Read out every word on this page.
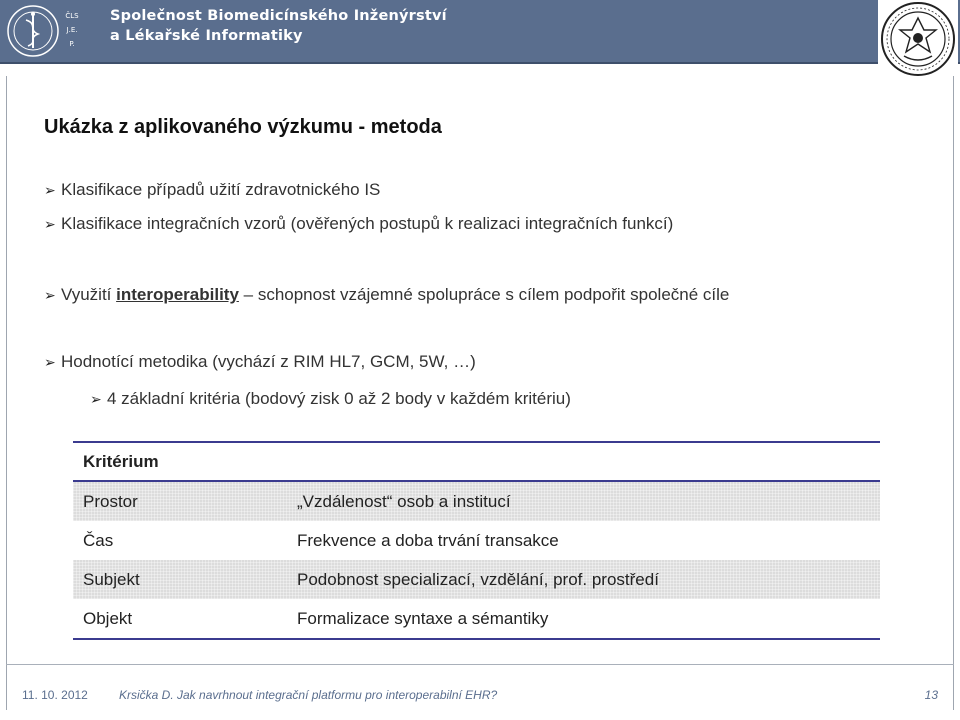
ČLS
J.E.
P.
Společnost Biomedicínského Inženýrství
a Lékařské Informatiky
Ukázka z aplikovaného výzkumu - metoda
➢ Klasifikace případů užití zdravotnického IS
➢ Klasifikace integračních vzorů (ověřených postupů k realizaci integračních funkcí)
➢ Využití interoperability – schopnost vzájemné spolupráce s cílem podpořit společné cíle
➢ Hodnotící metodika (vychází z RIM HL7, GCM, 5W, …)
➢ 4 základní kritéria (bodový zisk 0 až 2 body v každém kritériu)
Kritérium
Prostor	„Vzdálenost“ osob a institucí
Čas	Frekvence a doba trvání transakce
Subjekt	Podobnost specializací, vzdělání, prof. prostředí
Objekt	Formalizace syntaxe a sémantiky
11. 10. 2012	Krsička D. Jak navrhnout integrační platformu pro interoperabilní EHR?	13
